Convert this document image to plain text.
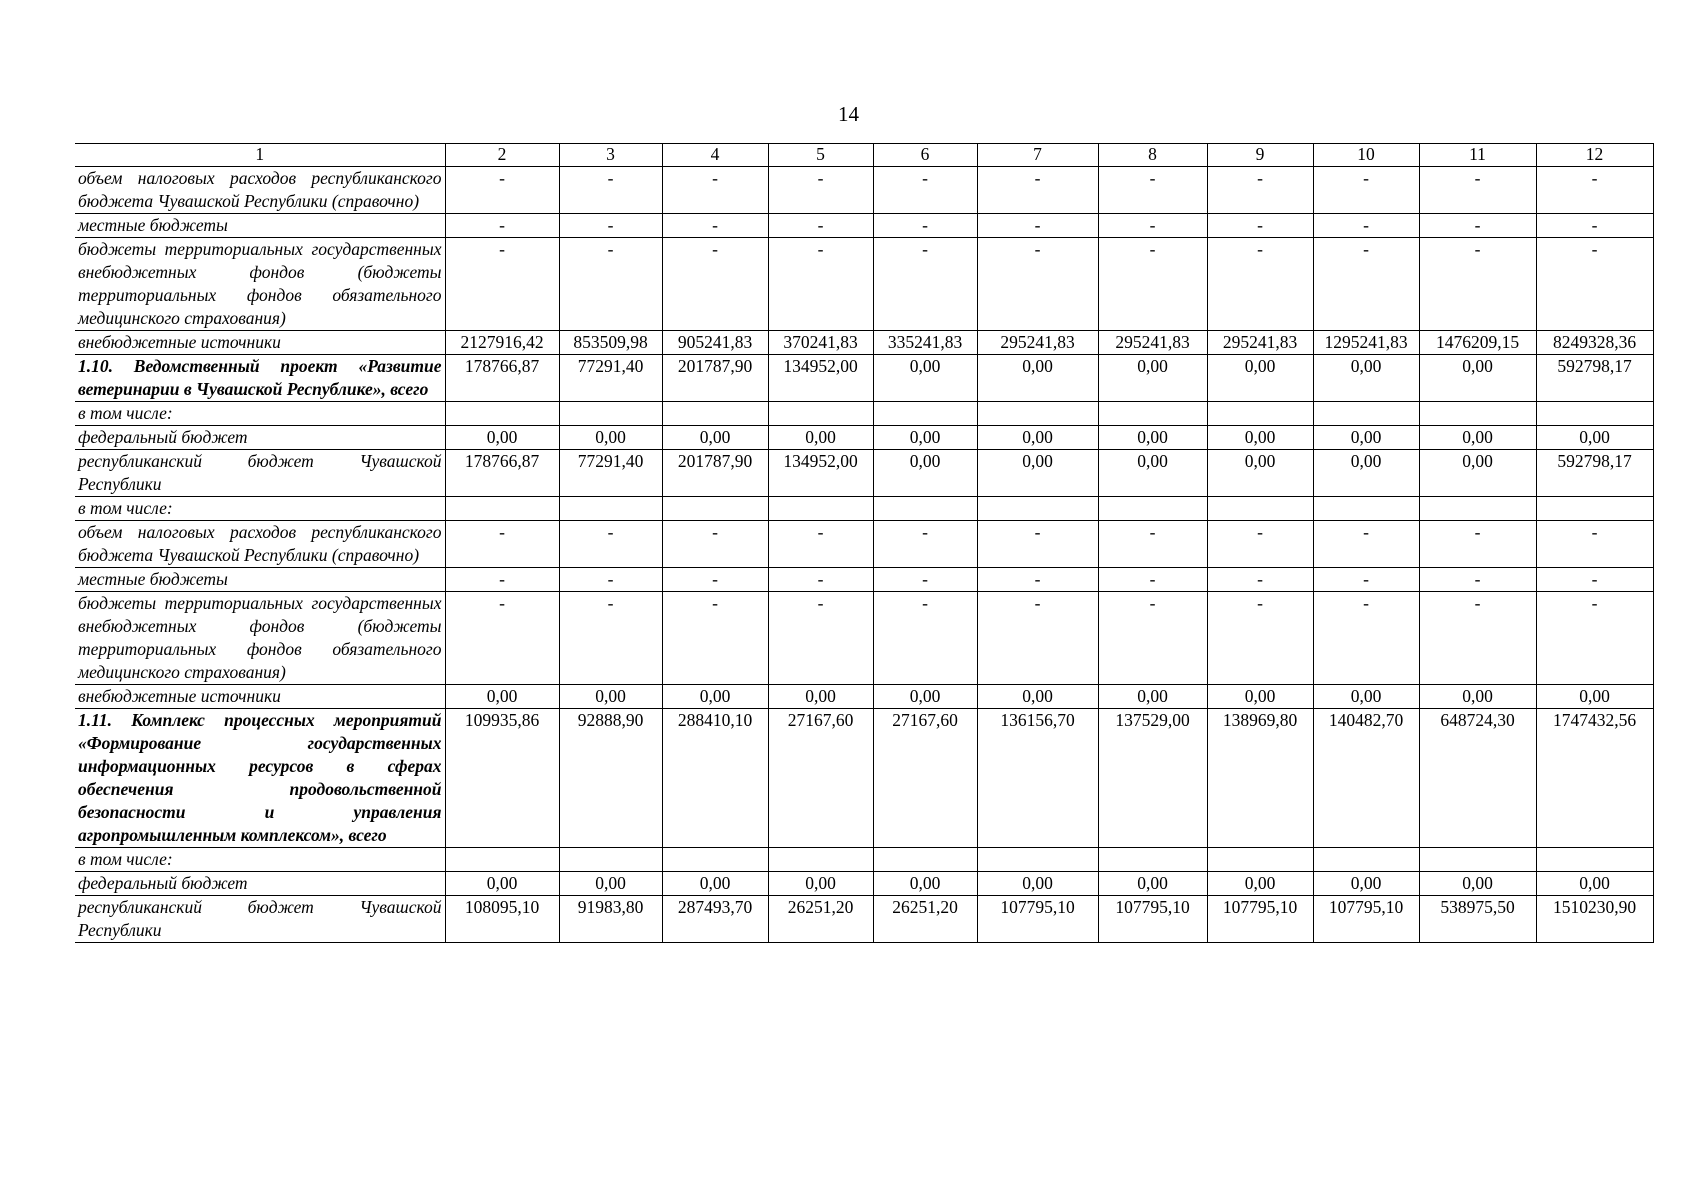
14
1	2	3	4	5	6	7	8	9	10	11	12
объем налоговых расходов республиканского бюджета Чувашской Республики (справочно)	-	-	-	-	-	-	-	-	-	-	-
местные бюджеты	-	-	-	-	-	-	-	-	-	-	-
бюджеты территориальных государственных внебюджетных фондов (бюджеты территориальных фондов обязательного медицинского страхования)	-	-	-	-	-	-	-	-	-	-	-
внебюджетные источники	2127916,42	853509,98	905241,83	370241,83	335241,83	295241,83	295241,83	295241,83	1295241,83	1476209,15	8249328,36
1.10. Ведомственный проект «Развитие ветеринарии в Чувашской Республике», всего	178766,87	77291,40	201787,90	134952,00	0,00	0,00	0,00	0,00	0,00	0,00	592798,17
в том числе:											
федеральный бюджет	0,00	0,00	0,00	0,00	0,00	0,00	0,00	0,00	0,00	0,00	0,00
республиканский бюджет Чувашской Республики	178766,87	77291,40	201787,90	134952,00	0,00	0,00	0,00	0,00	0,00	0,00	592798,17
в том числе:											
объем налоговых расходов республиканского бюджета Чувашской Республики (справочно)	-	-	-	-	-	-	-	-	-	-	-
местные бюджеты	-	-	-	-	-	-	-	-	-	-	-
бюджеты территориальных государственных внебюджетных фондов (бюджеты территориальных фондов обязательного медицинского страхования)	-	-	-	-	-	-	-	-	-	-	-
внебюджетные источники	0,00	0,00	0,00	0,00	0,00	0,00	0,00	0,00	0,00	0,00	0,00
1.11. Комплекс процессных мероприятий «Формирование государственных информационных ресурсов в сферах обеспечения продовольственной безопасности и управления агропромышленным комплексом», всего	109935,86	92888,90	288410,10	27167,60	27167,60	136156,70	137529,00	138969,80	140482,70	648724,30	1747432,56
в том числе:											
федеральный бюджет	0,00	0,00	0,00	0,00	0,00	0,00	0,00	0,00	0,00	0,00	0,00
республиканский бюджет Чувашской Республики	108095,10	91983,80	287493,70	26251,20	26251,20	107795,10	107795,10	107795,10	107795,10	538975,50	1510230,90
